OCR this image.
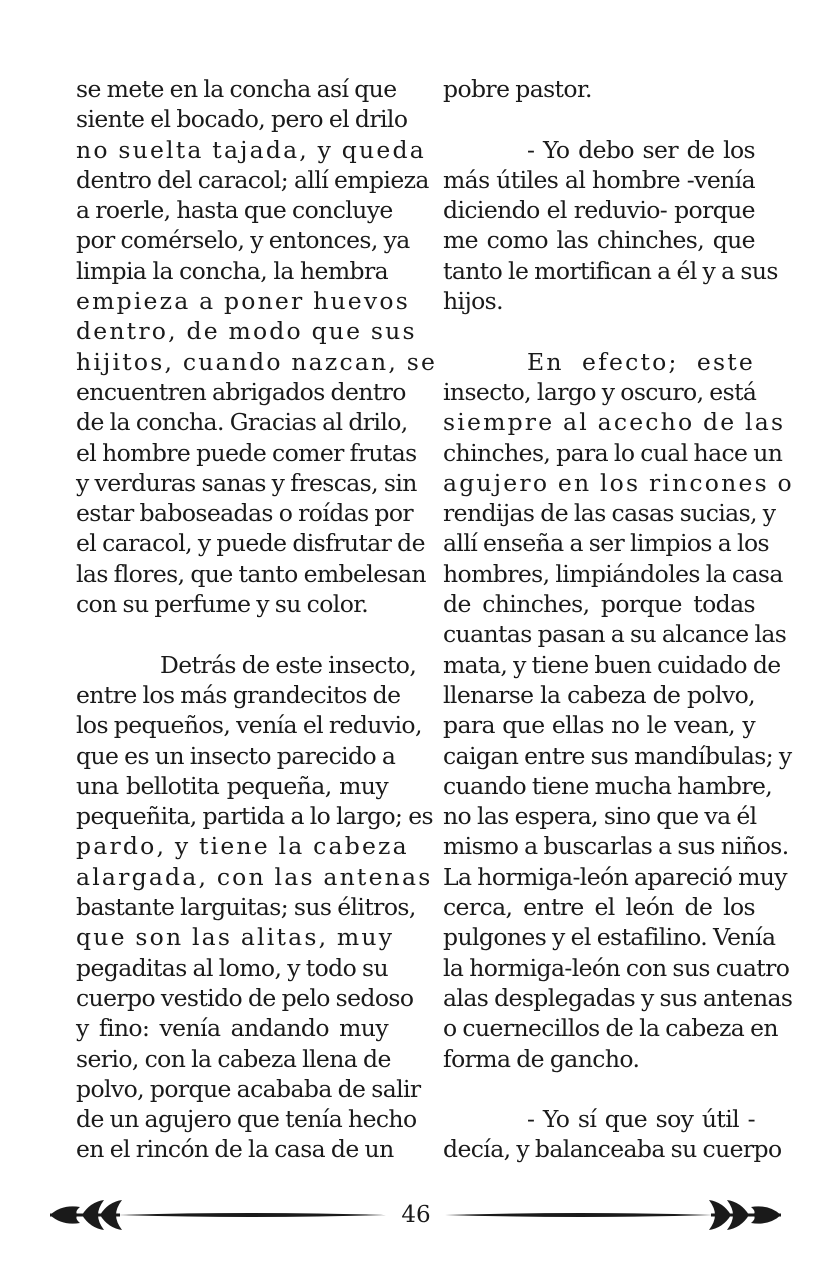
se mete en la concha así que
siente el bocado, pero el drilo
no suelta tajada, y queda
dentro del caracol; allí empieza
a roerle, hasta que concluye
por comérselo, y entonces, ya
limpia la concha, la hembra
empieza a poner huevos
dentro, de modo que sus
hijitos, cuando nazcan, se
encuentren abrigados dentro
de la concha. Gracias al drilo,
el hombre puede comer frutas
y verduras sanas y frescas, sin
estar baboseadas o roídas por
el caracol, y puede disfrutar de
las flores, que tanto embelesan
con su perfume y su color.
Detrás de este insecto,
entre los más grandecitos de
los pequeños, venía el reduvio,
que es un insecto parecido a
una bellotita pequeña, muy
pequeñita, partida a lo largo; es
pardo, y tiene la cabeza
alargada, con las antenas
bastante larguitas; sus élitros,
que son las alitas, muy
pegaditas al lomo, y todo su
cuerpo vestido de pelo sedoso
y fino: venía andando muy
serio, con la cabeza llena de
polvo, porque acababa de salir
de un agujero que tenía hecho
en el rincón de la casa de un
pobre pastor.
- Yo debo ser de los
más útiles al hombre -venía
diciendo el reduvio- porque
me como las chinches, que
tanto le mortifican a él y a sus
hijos.
En efecto; este
insecto, largo y oscuro, está
siempre al acecho de las
chinches, para lo cual hace un
agujero en los rincones o
rendijas de las casas sucias, y
allí enseña a ser limpios a los
hombres, limpiándoles la casa
de chinches, porque todas
cuantas pasan a su alcance las
mata, y tiene buen cuidado de
llenarse la cabeza de polvo,
para que ellas no le vean, y
caigan entre sus mandíbulas; y
cuando tiene mucha hambre,
no las espera, sino que va él
mismo a buscarlas a sus niños.
La hormiga-león apareció muy
cerca, entre el león de los
pulgones y el estafilino. Venía
la hormiga-león con sus cuatro
alas desplegadas y sus antenas
o cuernecillos de la cabeza en
forma de gancho.
- Yo sí que soy útil -
decía, y balanceaba su cuerpo
46
